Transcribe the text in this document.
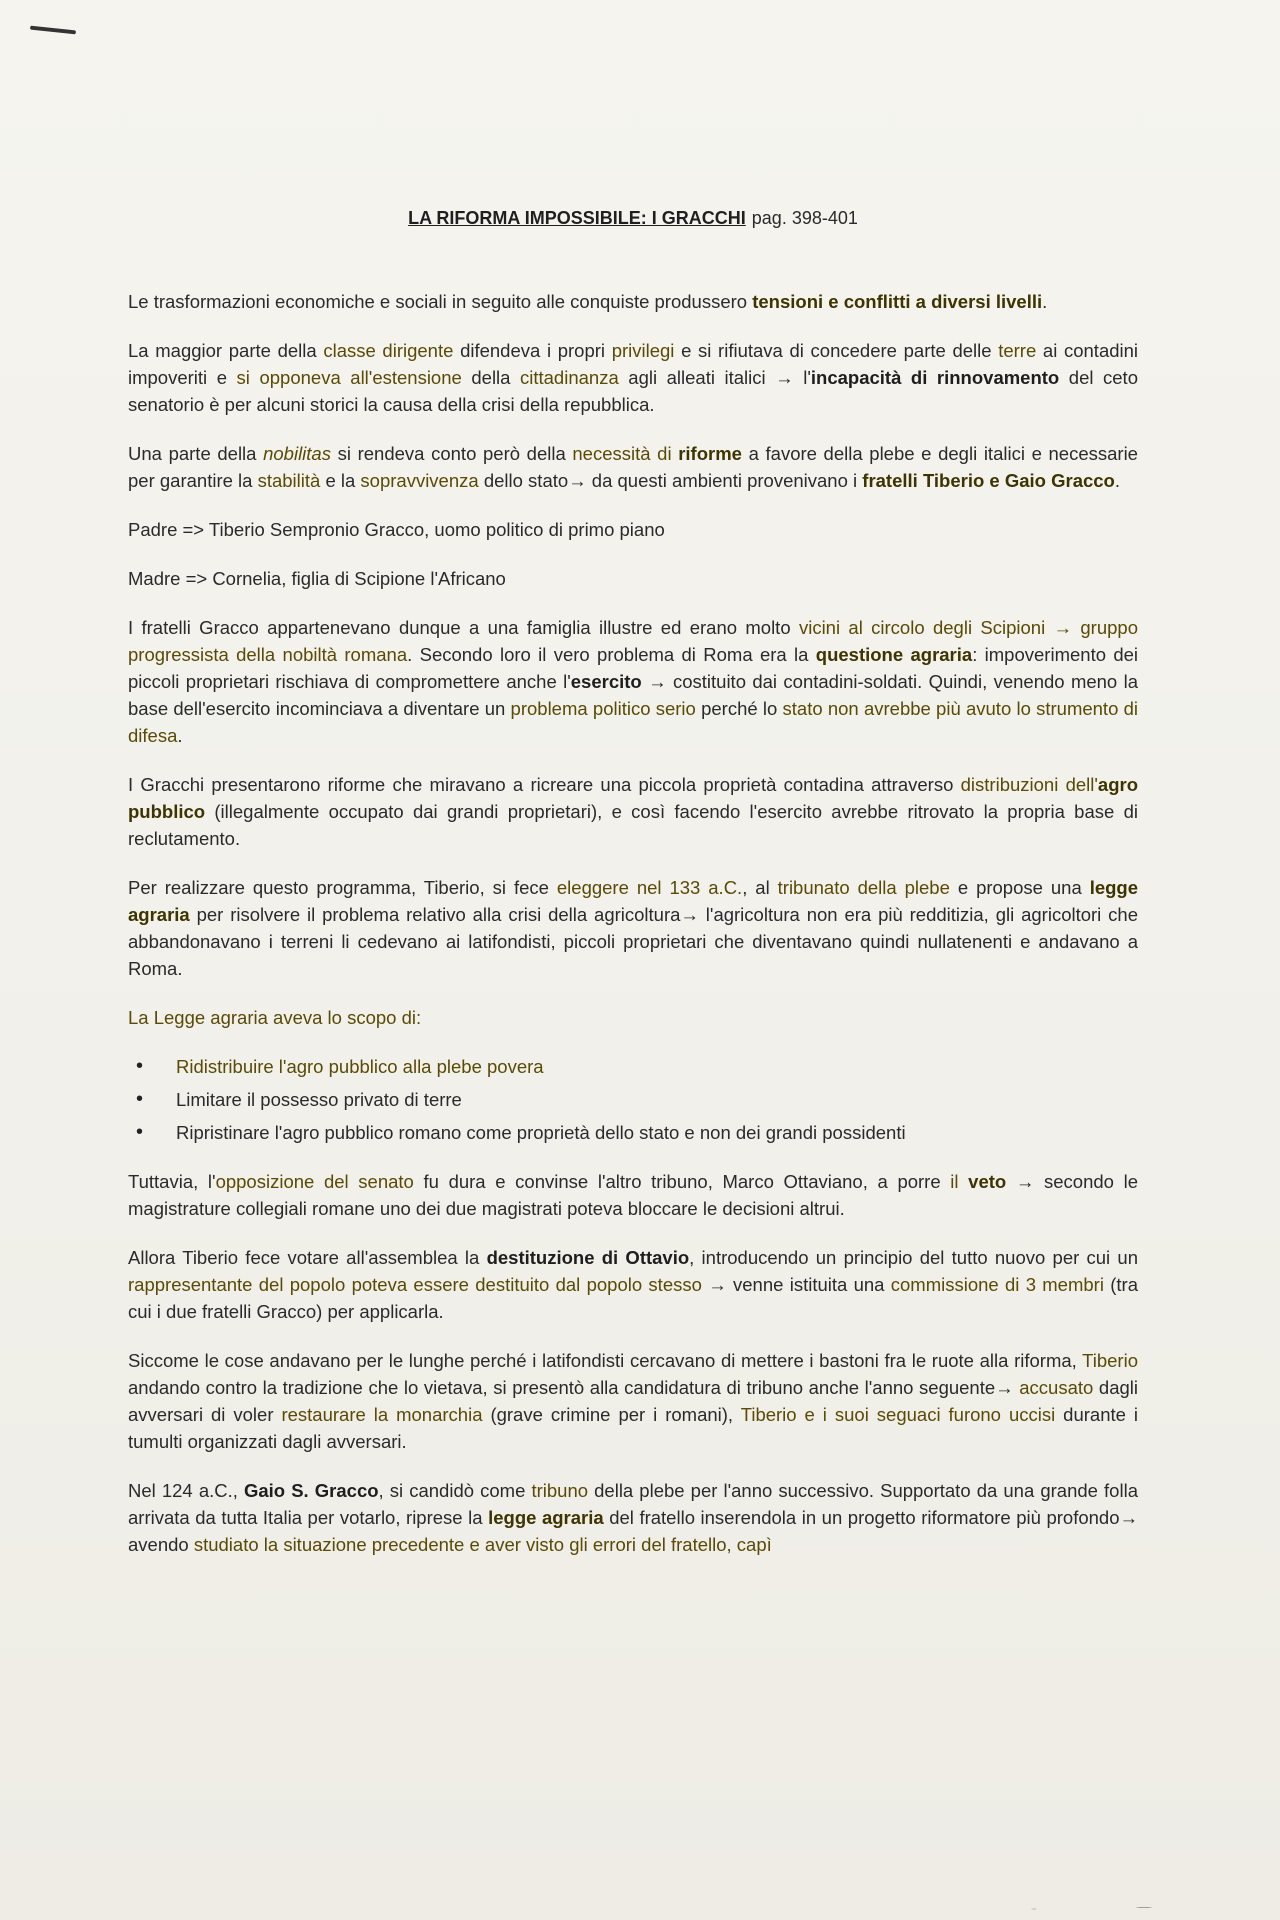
LA RIFORMA IMPOSSIBILE: I GRACCHI pag. 398-401

Le trasformazioni economiche e sociali in seguito alle conquiste produssero tensioni e conflitti a diversi livelli.

La maggior parte della classe dirigente difendeva i propri privilegi e si rifiutava di concedere parte delle terre ai contadini impoveriti e si opponeva all'estensione della cittadinanza agli alleati italici → l'incapacità di rinnovamento del ceto senatorio è per alcuni storici la causa della crisi della repubblica.

Una parte della nobilitas si rendeva conto però della necessità di riforme a favore della plebe e degli italici e necessarie per garantire la stabilità e la sopravvivenza dello stato→ da questi ambienti provenivano i fratelli Tiberio e Gaio Gracco.

Padre => Tiberio Sempronio Gracco, uomo politico di primo piano

Madre => Cornelia, figlia di Scipione l'Africano

I fratelli Gracco appartenevano dunque a una famiglia illustre ed erano molto vicini al circolo degli Scipioni → gruppo progressista della nobiltà romana. Secondo loro il vero problema di Roma era la questione agraria: impoverimento dei piccoli proprietari rischiava di compromettere anche l'esercito → costituito dai contadini-soldati. Quindi, venendo meno la base dell'esercito incominciava a diventare un problema politico serio perché lo stato non avrebbe più avuto lo strumento di difesa.

I Gracchi presentarono riforme che miravano a ricreare una piccola proprietà contadina attraverso distribuzioni dell'agro pubblico (illegalmente occupato dai grandi proprietari), e così facendo l'esercito avrebbe ritrovato la propria base di reclutamento.

Per realizzare questo programma, Tiberio, si fece eleggere nel 133 a.C., al tribunato della plebe e propose una legge agraria per risolvere il problema relativo alla crisi della agricoltura→ l'agricoltura non era più redditizia, gli agricoltori che abbandonavano i terreni li cedevano ai latifondisti, piccoli proprietari che diventavano quindi nullatenenti e andavano a Roma.

La Legge agraria aveva lo scopo di:

• Ridistribuire l'agro pubblico alla plebe povera
• Limitare il possesso privato di terre
• Ripristinare l'agro pubblico romano come proprietà dello stato e non dei grandi possidenti

Tuttavia, l'opposizione del senato fu dura e convinse l'altro tribuno, Marco Ottaviano, a porre il veto → secondo le magistrature collegiali romane uno dei due magistrati poteva bloccare le decisioni altrui.

Allora Tiberio fece votare all'assemblea la destituzione di Ottavio, introducendo un principio del tutto nuovo per cui un rappresentante del popolo poteva essere destituito dal popolo stesso → venne istituita una commissione di 3 membri (tra cui i due fratelli Gracco) per applicarla.

Siccome le cose andavano per le lunghe perché i latifondisti cercavano di mettere i bastoni fra le ruote alla riforma, Tiberio andando contro la tradizione che lo vietava, si presentò alla candidatura di tribuno anche l'anno seguente→ accusato dagli avversari di voler restaurare la monarchia (grave crimine per i romani), Tiberio e i suoi seguaci furono uccisi durante i tumulti organizzati dagli avversari.

Nel 124 a.C., Gaio S. Gracco, si candidò come tribuno della plebe per l'anno successivo. Supportato da una grande folla arrivata da tutta Italia per votarlo, riprese la legge agraria del fratello inserendola in un progetto riformatore più profondo→ avendo studiato la situazione precedente e aver visto gli errori del fratello, capì
